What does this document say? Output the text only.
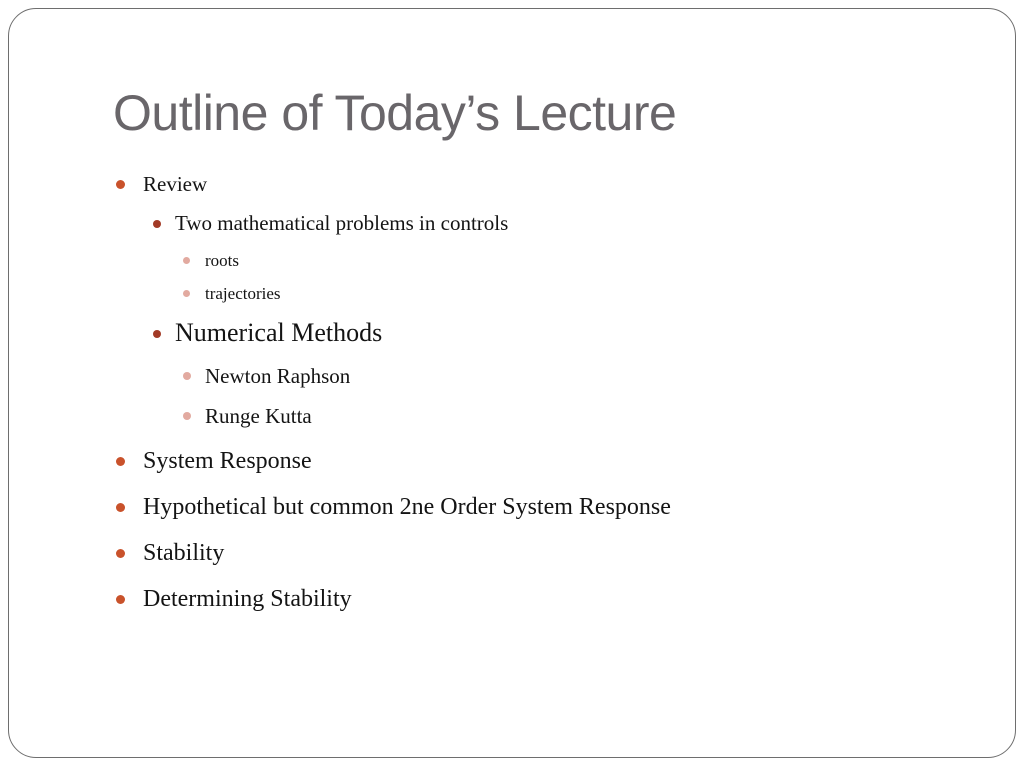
Outline of Today’s Lecture
Review
Two mathematical problems in controls
roots
trajectories
Numerical Methods
Newton Raphson
Runge Kutta
System Response
Hypothetical but common 2ne Order System Response
Stability
Determining Stability
